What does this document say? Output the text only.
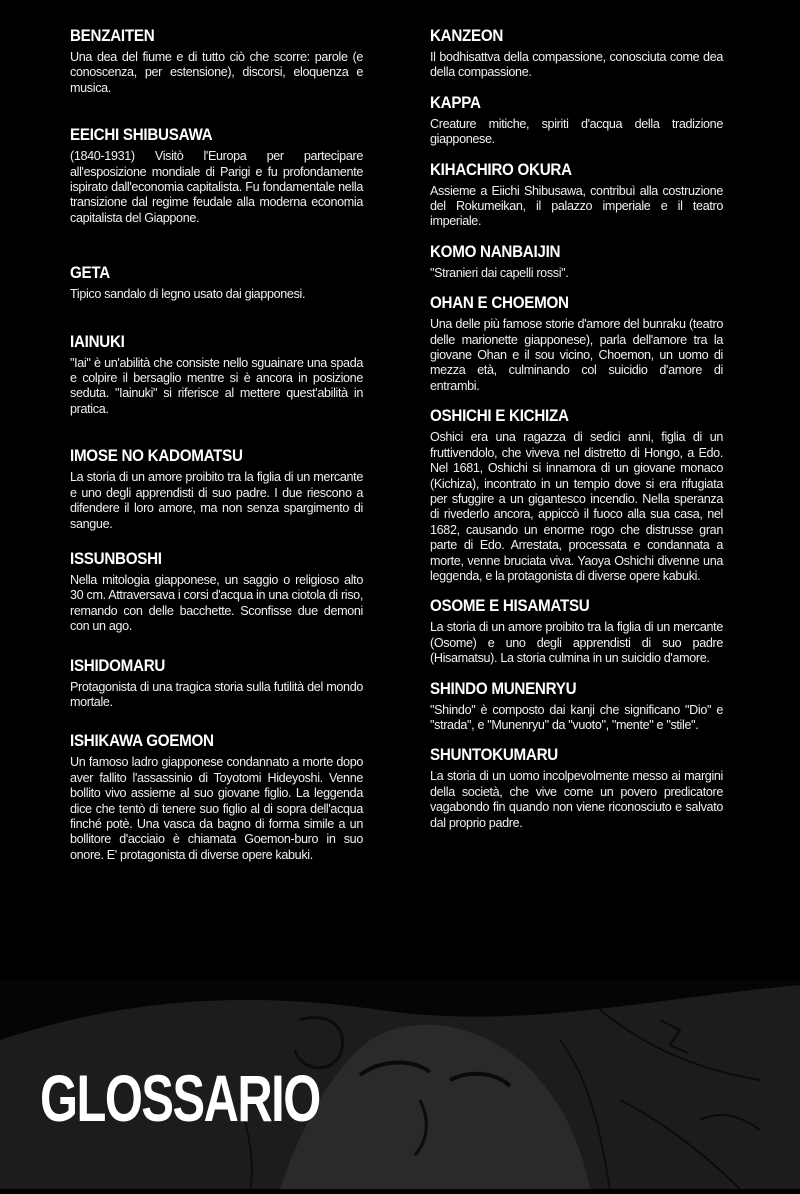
BENZAITEN

Una dea del fiume e di tutto ciò che scorre: parole (e conoscenza, per estensione), discorsi, eloquenza e musica.

EEICHI SHIBUSAWA

(1840-1931) Visitò l'Europa per partecipare all'esposizione mondiale di Parigi e fu profondamente ispirato dall'economia capitalista. Fu fondamentale nella transizione dal regime feudale alla moderna economia capitalista del Giappone.

GETA

Tipico sandalo di legno usato dai giapponesi.

IAINUKI

"Iai" è un'abilità che consiste nello sguainare una spada e colpire il bersaglio mentre si è ancora in posizione seduta. "Iainuki" si riferisce al mettere quest'abilità in pratica.

IMOSE NO KADOMATSU

La storia di un amore proibito tra la figlia di un mercante e uno degli apprendisti di suo padre. I due riescono a difendere il loro amore, ma non senza spargimento di sangue.

ISSUNBOSHI

Nella mitologia giapponese, un saggio o religioso alto 30 cm. Attraversava i corsi d'acqua in una ciotola di riso, remando con delle bacchette. Sconfisse due demoni con un ago.

ISHIDOMARU

Protagonista di una tragica storia sulla futilità del mondo mortale.

ISHIKAWA GOEMON

Un famoso ladro giapponese condannato a morte dopo aver fallito l'assassinio di Toyotomi Hideyoshi. Venne bollito vivo assieme al suo giovane figlio. La leggenda dice che tentò di tenere suo figlio al di sopra dell'acqua finché potè. Una vasca da bagno di forma simile a un bollitore d'acciaio è chiamata Goemon-buro in suo onore. E' protagonista di diverse opere kabuki.

KANZEON

Il bodhisattva della compassione, conosciuta come dea della compassione.

KAPPA

Creature mitiche, spiriti d'acqua della tradizione giapponese.

KIHACHIRO OKURA

Assieme a Eiichi Shibusawa, contribuì alla costruzione del Rokumeikan, il palazzo imperiale e il teatro imperiale.

KOMO NANBAIJIN

"Stranieri dai capelli rossi".

OHAN E CHOEMON

Una delle più famose storie d'amore del bunraku (teatro delle marionette giapponese), parla dell'amore tra la giovane Ohan e il sou vicino, Choemon, un uomo di mezza età, culminando col suicidio d'amore di entrambi.

OSHICHI E KICHIZA

Oshici era una ragazza di sedici anni, figlia di un fruttivendolo, che viveva nel distretto di Hongo, a Edo. Nel 1681, Oshichi si innamora di un giovane monaco (Kichiza), incontrato in un tempio dove si era rifugiata per sfuggire a un gigantesco incendio. Nella speranza di rivederlo ancora, appiccò il fuoco alla sua casa, nel 1682, causando un enorme rogo che distrusse gran parte di Edo. Arrestata, processata e condannata a morte, venne bruciata viva. Yaoya Oshichi divenne una leggenda, e la protagonista di diverse opere kabuki.

OSOME E HISAMATSU

La storia di un amore proibito tra la figlia di un mercante (Osome) e uno degli apprendisti di suo padre (Hisamatsu). La storia culmina in un suicidio d'amore.

SHINDO MUNENRYU

"Shindo" è composto dai kanji che significano "Dio" e "strada", e "Munenryu" da "vuoto", "mente" e "stile".

SHUNTOKUMARU

La storia di un uomo incolpevolmente messo ai margini della società, che vive come un povero predicatore vagabondo fin quando non viene riconosciuto e salvato dal proprio padre.

GLOSSARIO
